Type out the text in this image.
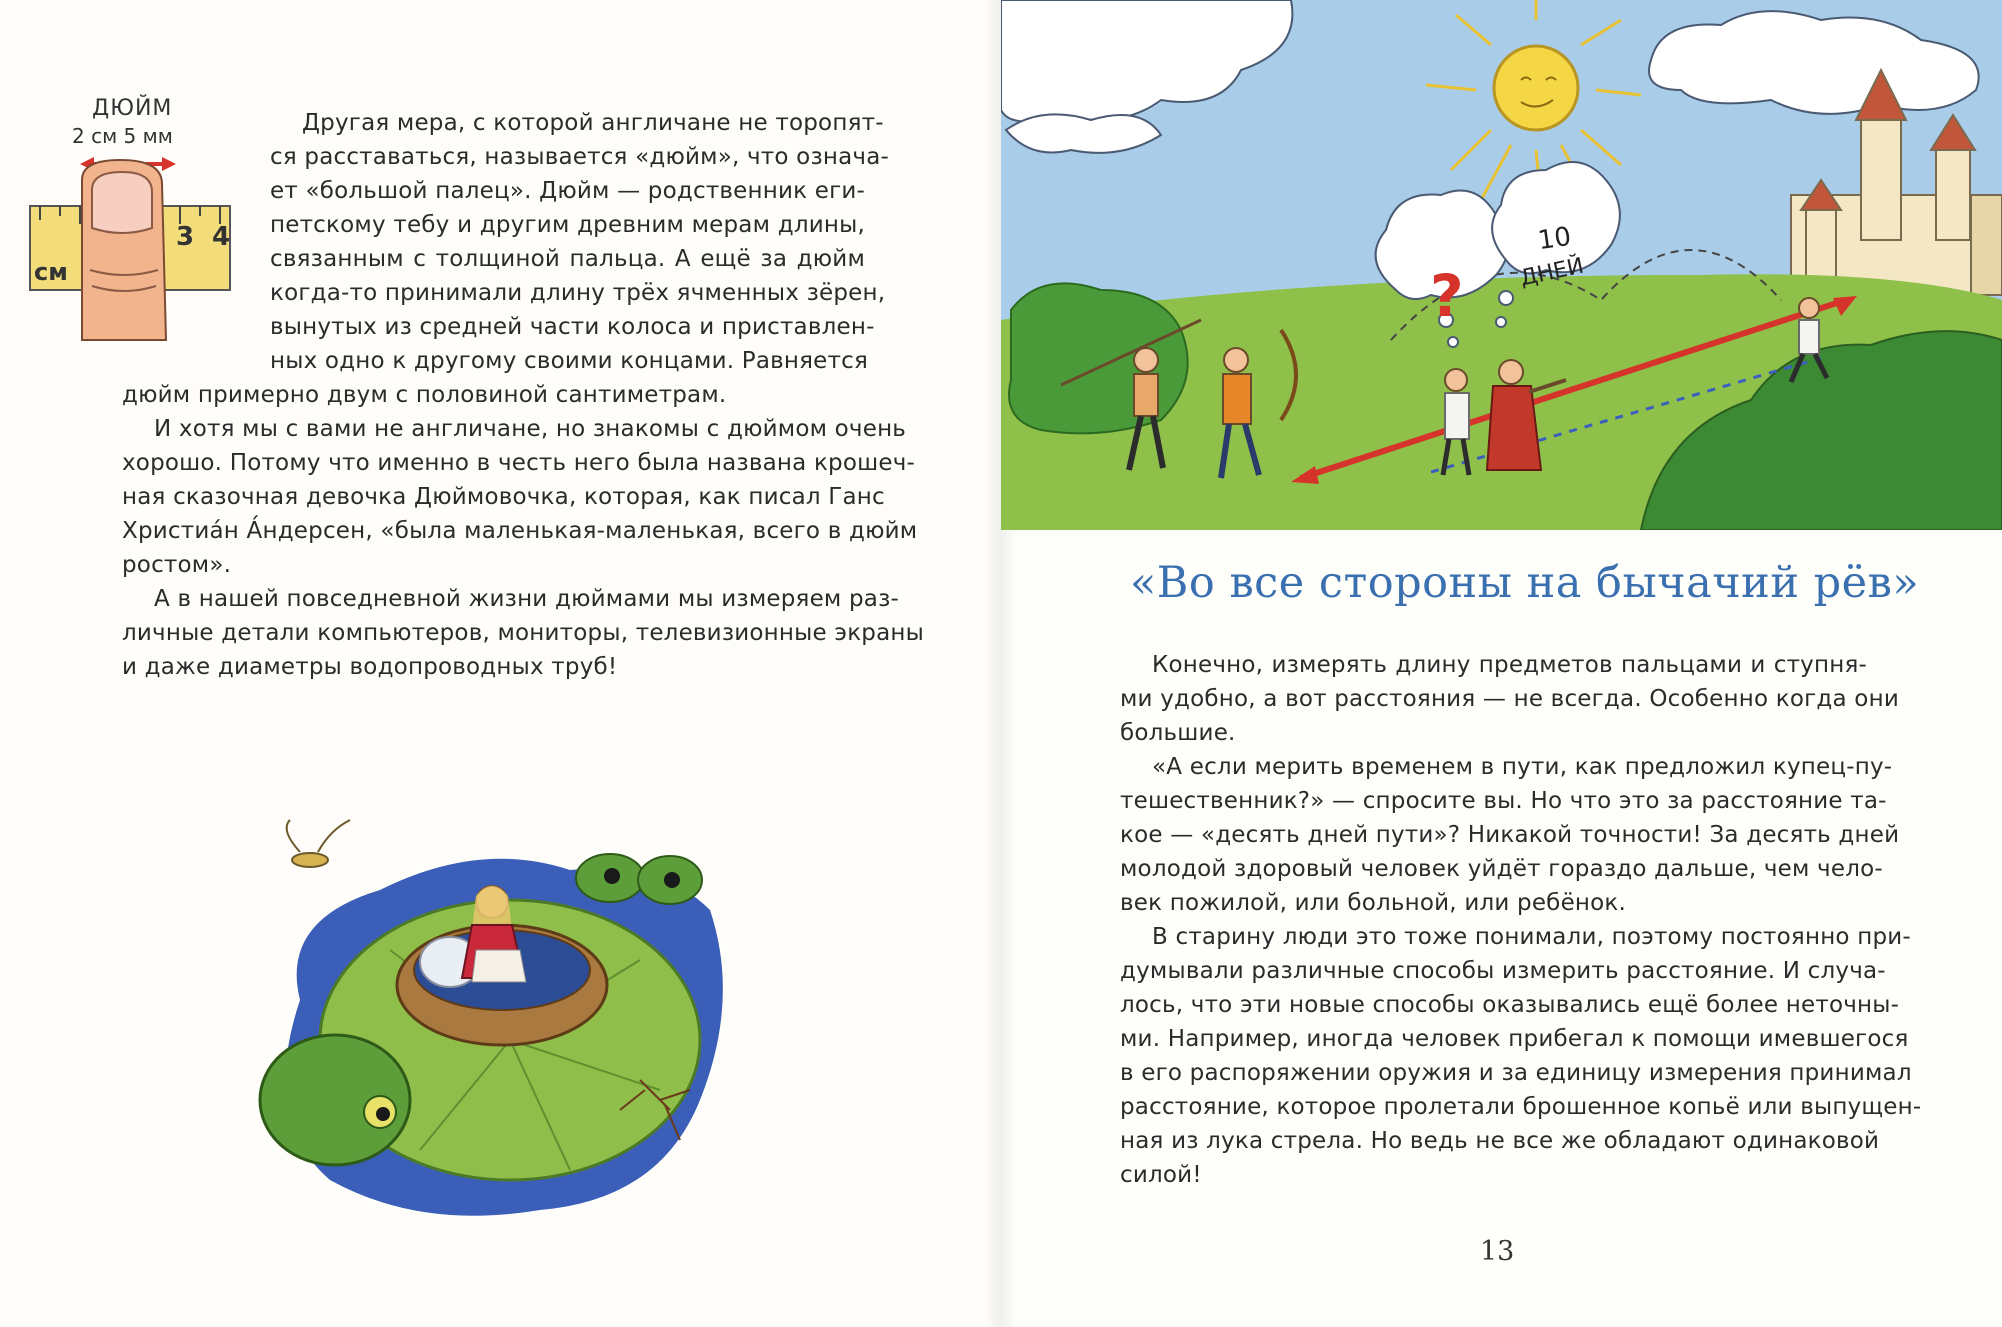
ДЮЙМ
2 см 5 мм
см
3 4
Другая мера, с которой англичане не торопят-
ся расставаться, называется «дюйм», что означа-
ет «большой палец». Дюйм — родственник еги-
петскому тебу и другим древним мерам длины,
связанным с толщиной пальца. А ещё за дюйм
когда-то принимали длину трёх ячменных зёрен,
вынутых из средней части колоса и приставлен-
ных одно к другому своими концами. Равняется
дюйм примерно двум с половиной сантиметрам.
И хотя мы с вами не англичане, но знакомы с дюймом очень
хорошо. Потому что именно в честь него была названа крошеч-
ная сказочная девочка Дюймовочка, которая, как писал Ганс
Христиа́н А́ндерсен, «была маленькая-маленькая, всего в дюйм
ростом».
А в нашей повседневной жизни дюймами мы измеряем раз-
личные детали компьютеров, мониторы, телевизионные экраны
и даже диаметры водопроводных труб!
?
10
ДНЕЙ
«Во все стороны на бычачий рёв»
Конечно, измерять длину предметов пальцами и ступня-
ми удобно, а вот расстояния — не всегда. Особенно когда они
большие.
«А если мерить временем в пути, как предложил купец-пу-
тешественник?» — спросите вы. Но что это за расстояние та-
кое — «десять дней пути»? Никакой точности! За десять дней
молодой здоровый человек уйдёт гораздо дальше, чем чело-
век пожилой, или больной, или ребёнок.
В старину люди это тоже понимали, поэтому постоянно при-
думывали различные способы измерить расстояние. И случа-
лось, что эти новые способы оказывались ещё более неточны-
ми. Например, иногда человек прибегал к помощи имевшегося
в его распоряжении оружия и за единицу измерения принимал
расстояние, которое пролетали брошенное копьё или выпущен-
ная из лука стрела. Но ведь не все же обладают одинаковой
силой!
13
